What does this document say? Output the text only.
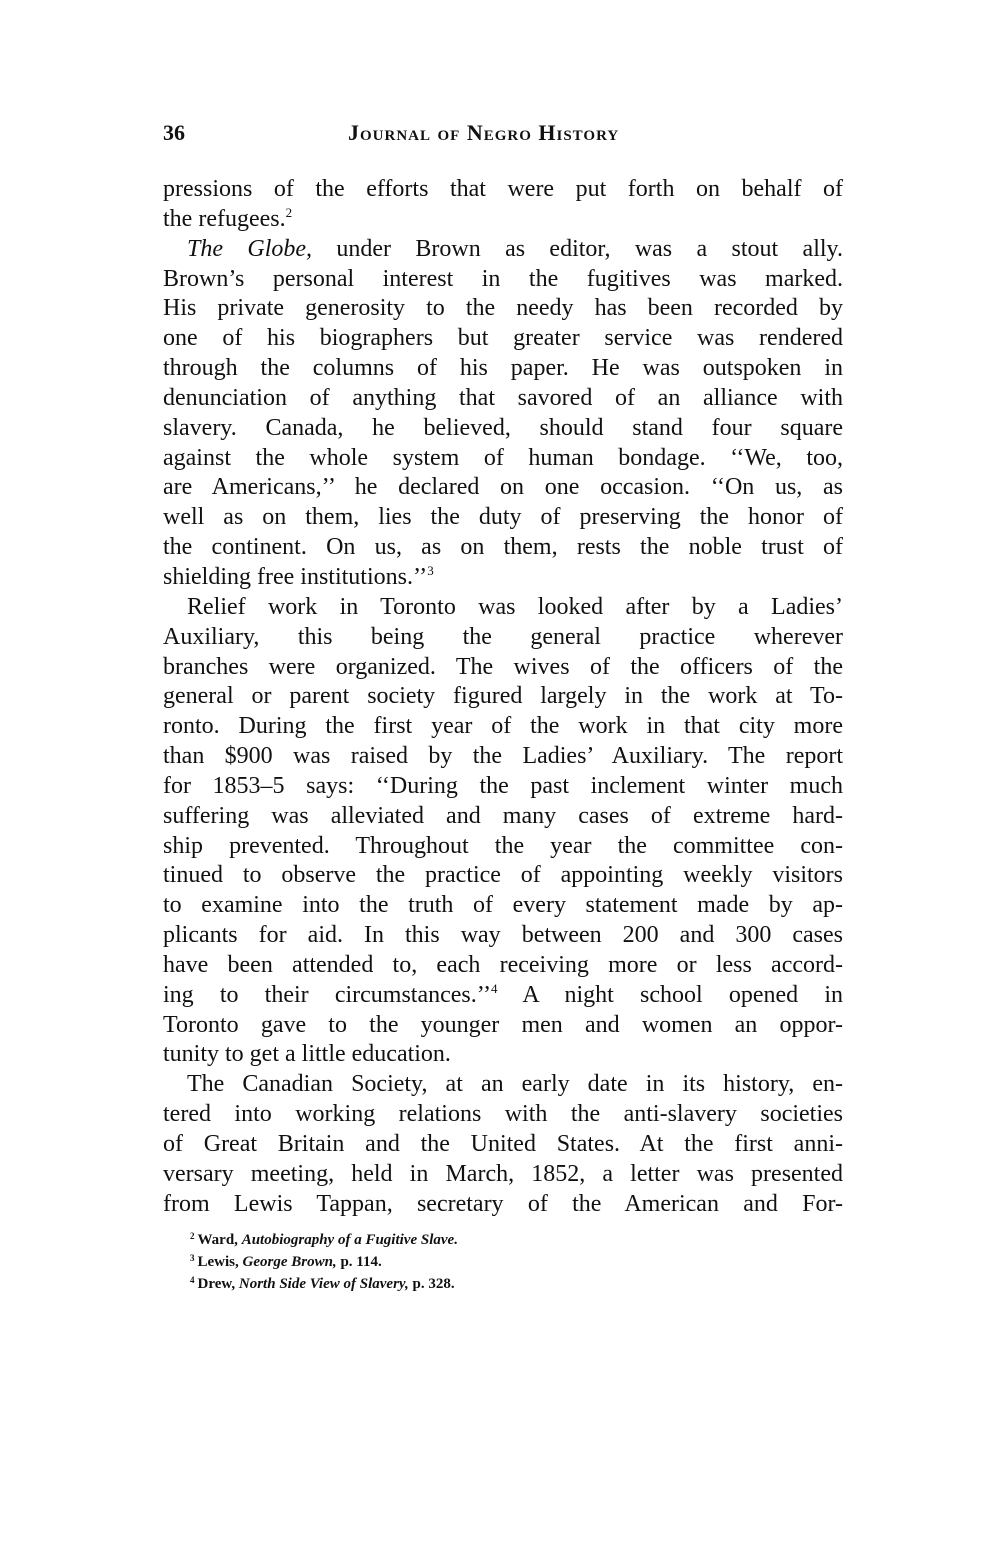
36	Journal of Negro History
pressions of the efforts that were put forth on behalf of
the refugees.$^2$
The Globe, under Brown as editor, was a stout ally.
Brown’s personal interest in the fugitives was marked.
His private generosity to the needy has been recorded by
one of his biographers but greater service was rendered
through the columns of his paper. He was outspoken in
denunciation of anything that savored of an alliance with
slavery. Canada, he believed, should stand four square
against the whole system of human bondage. ‘‘We, too,
are Americans,’’ he declared on one occasion. ‘‘On us, as
well as on them, lies the duty of preserving the honor of
the continent. On us, as on them, rests the noble trust of
shielding free institutions.’’$^3$
Relief work in Toronto was looked after by a Ladies’
Auxiliary, this being the general practice wherever
branches were organized. The wives of the officers of the
general or parent society figured largely in the work at To-
ronto. During the first year of the work in that city more
than $900 was raised by the Ladies’ Auxiliary. The report
for 1853–5 says: ‘‘During the past inclement winter much
suffering was alleviated and many cases of extreme hard-
ship prevented. Throughout the year the committee con-
tinued to observe the practice of appointing weekly visitors
to examine into the truth of every statement made by ap-
plicants for aid. In this way between 200 and 300 cases
have been attended to, each receiving more or less accord-
ing to their circumstances.’’$^4$ A night school opened in
Toronto gave to the younger men and women an oppor-
tunity to get a little education.
The Canadian Society, at an early date in its history, en-
tered into working relations with the anti-slavery societies
of Great Britain and the United States. At the first anni-
versary meeting, held in March, 1852, a letter was presented
from Lewis Tappan, secretary of the American and For-
$^2$ Ward, Autobiography of a Fugitive Slave.
$^3$ Lewis, George Brown, p. 114.
$^4$ Drew, North Side View of Slavery, p. 328.
